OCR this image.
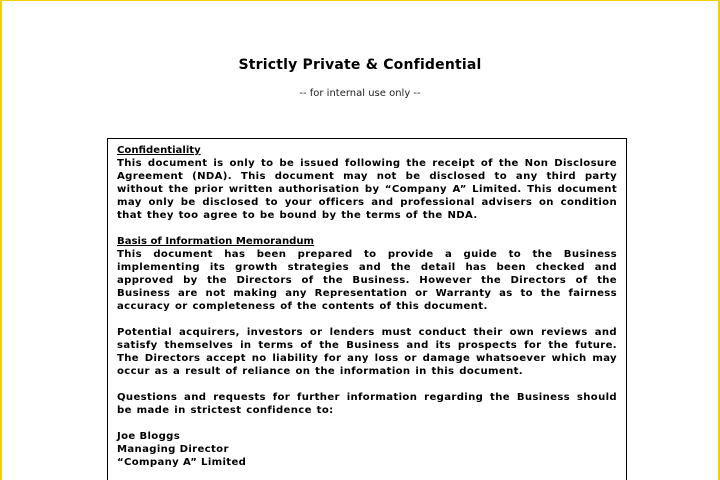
Strictly Private & Confidential
-- for internal use only --

Confidentiality

This document is only to be issued following the receipt of the Non Disclosure Agreement (NDA). This document may not be disclosed to any third party without the prior written authorisation by “Company A” Limited. This document may only be disclosed to your officers and professional advisers on condition that they too agree to be bound by the terms of the NDA.

Basis of Information Memorandum

This document has been prepared to provide a guide to the Business implementing its growth strategies and the detail has been checked and approved by the Directors of the Business. However the Directors of the Business are not making any Representation or Warranty as to the fairness accuracy or completeness of the contents of this document.

Potential acquirers, investors or lenders must conduct their own reviews and satisfy themselves in terms of the Business and its prospects for the future. The Directors accept no liability for any loss or damage whatsoever which may occur as a result of reliance on the information in this document.

Questions and requests for further information regarding the Business should be made in strictest confidence to:

Joe Bloggs

Managing Director

“Company A” Limited
